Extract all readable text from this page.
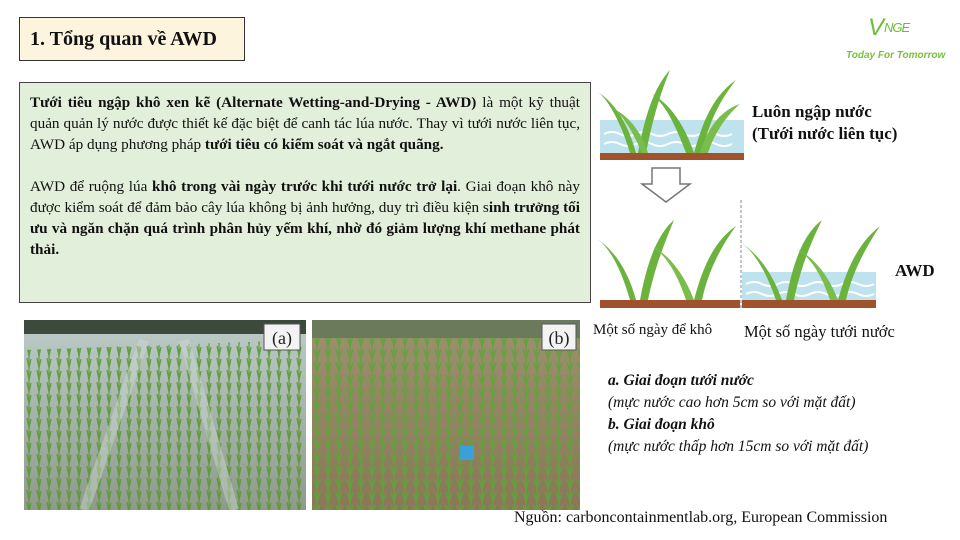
1. Tổng quan về AWD	VNGE
Today For Tomorrow

Tưới tiêu ngập khô xen kẽ (Alternate Wetting-and-Drying - AWD) là một kỹ thuật quản quản lý nước được thiết kế đặc biệt để canh tác lúa nước. Thay vì tưới nước liên tục, AWD áp dụng phương pháp tưới tiêu có kiểm soát và ngắt quãng.

AWD để ruộng lúa khô trong vài ngày trước khi tưới nước trở lại. Giai đoạn khô này được kiểm soát để đảm bảo cây lúa không bị ảnh hưởng, duy trì điều kiện sinh trưởng tối ưu và ngăn chặn quá trình phân hủy yếm khí, nhờ đó giảm lượng khí methane phát thải.

(a)	(b)
Luôn ngập nước
(Tưới nước liên tục)
AWD
Một số ngày để khô Một số ngày tưới nước
a. Giai đoạn tưới nước
(mực nước cao hơn 5cm so với mặt đất)
b. Giai đoạn khô
(mực nước thấp hơn 15cm so với mặt đất)
Nguồn: carboncontainmentlab.org, European Commission
